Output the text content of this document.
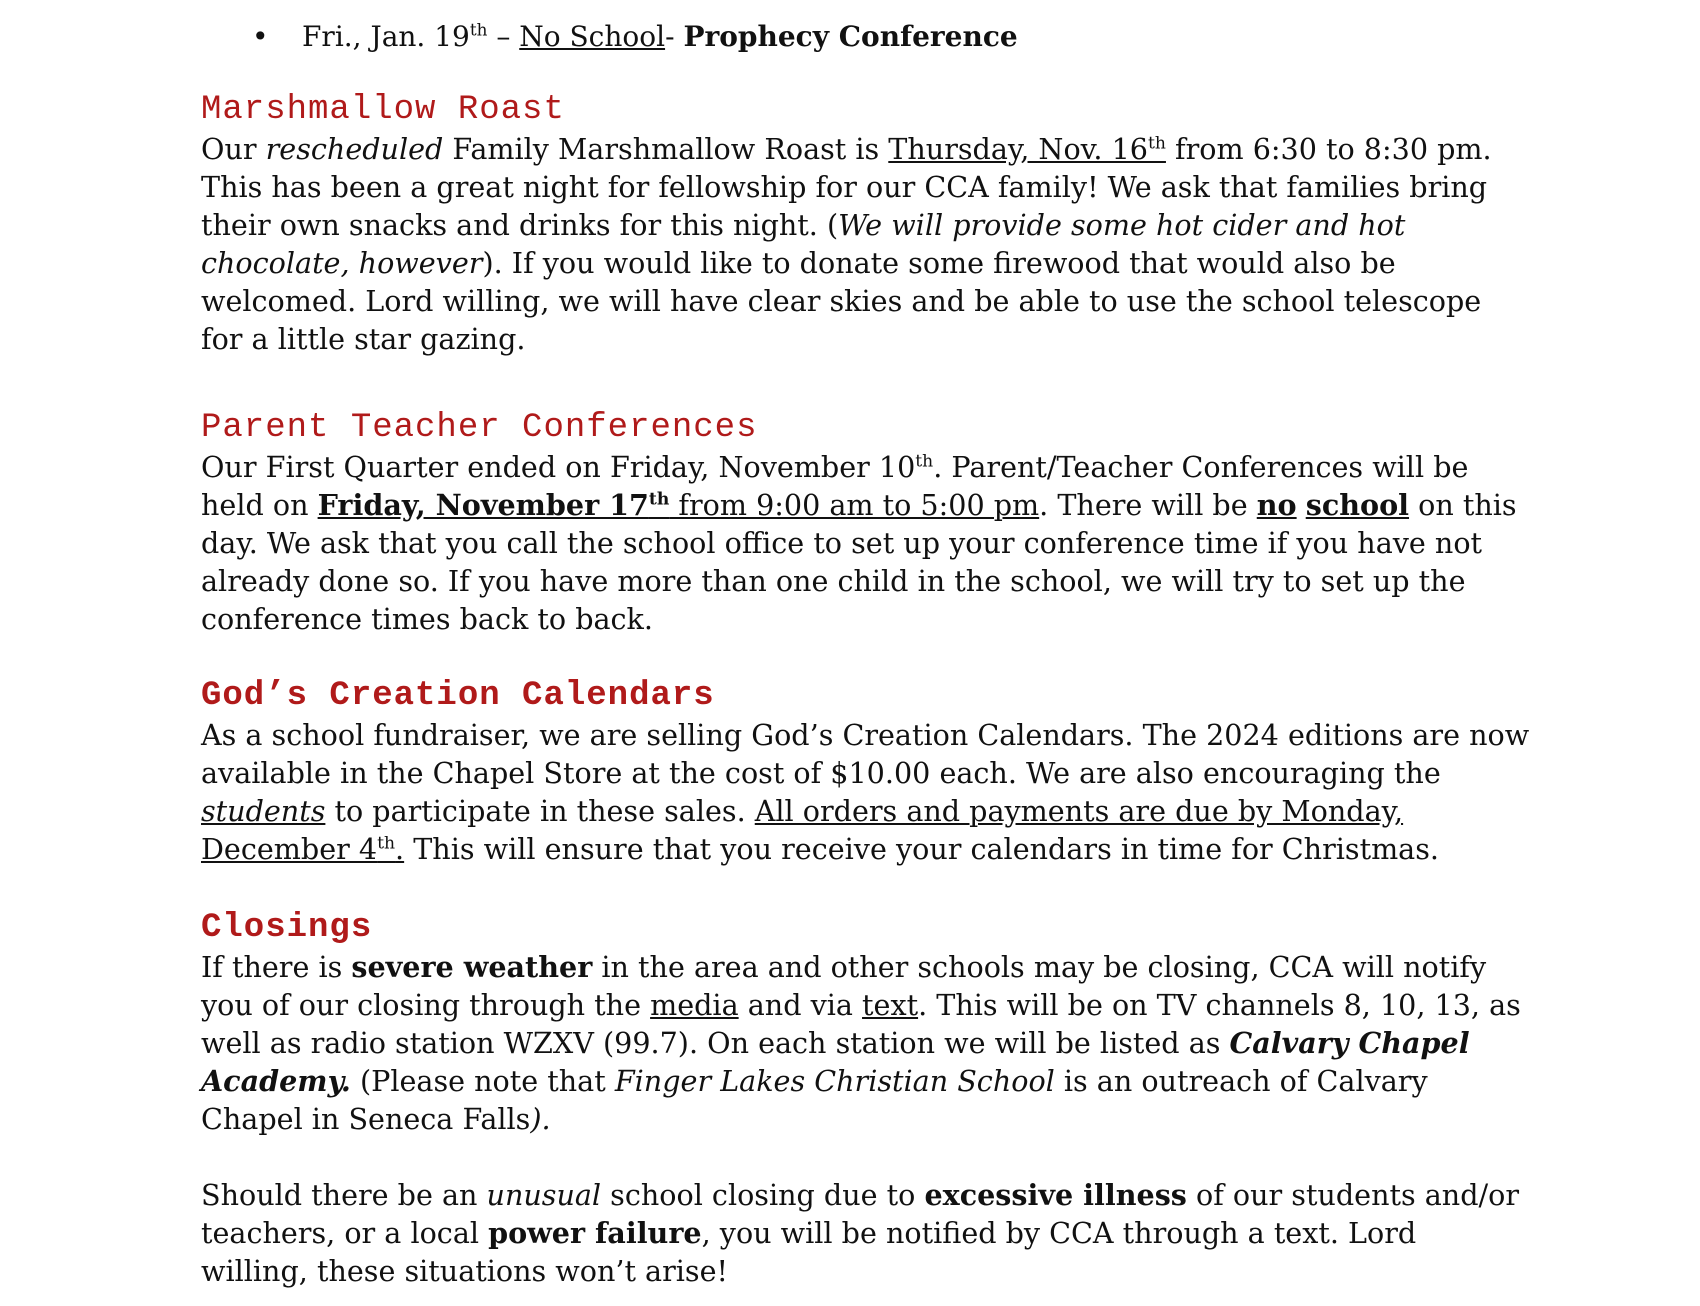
• Fri., Jan. 19th – No School- Prophecy Conference
Marshmallow Roast

Our rescheduled Family Marshmallow Roast is Thursday, Nov. 16th from 6:30 to 8:30 pm. This has been a great night for fellowship for our CCA family! We ask that families bring their own snacks and drinks for this night. (We will provide some hot cider and hot chocolate, however). If you would like to donate some firewood that would also be welcomed. Lord willing, we will have clear skies and be able to use the school telescope for a little star gazing.

Parent Teacher Conferences

Our First Quarter ended on Friday, November 10th. Parent/Teacher Conferences will be held on Friday, November 17th from 9:00 am to 5:00 pm. There will be no school on this day. We ask that you call the school office to set up your conference time if you have not already done so. If you have more than one child in the school, we will try to set up the conference times back to back.

God’s Creation Calendars

As a school fundraiser, we are selling God’s Creation Calendars. The 2024 editions are now available in the Chapel Store at the cost of $10.00 each. We are also encouraging the students to participate in these sales. All orders and payments are due by Monday, December 4th. This will ensure that you receive your calendars in time for Christmas.

Closings

If there is severe weather in the area and other schools may be closing, CCA will notify you of our closing through the media and via text. This will be on TV channels 8, 10, 13, as well as radio station WZXV (99.7). On each station we will be listed as Calvary Chapel Academy. (Please note that Finger Lakes Christian School is an outreach of Calvary Chapel in Seneca Falls).

Should there be an unusual school closing due to excessive illness of our students and/or teachers, or a local power failure, you will be notified by CCA through a text. Lord willing, these situations won’t arise!
